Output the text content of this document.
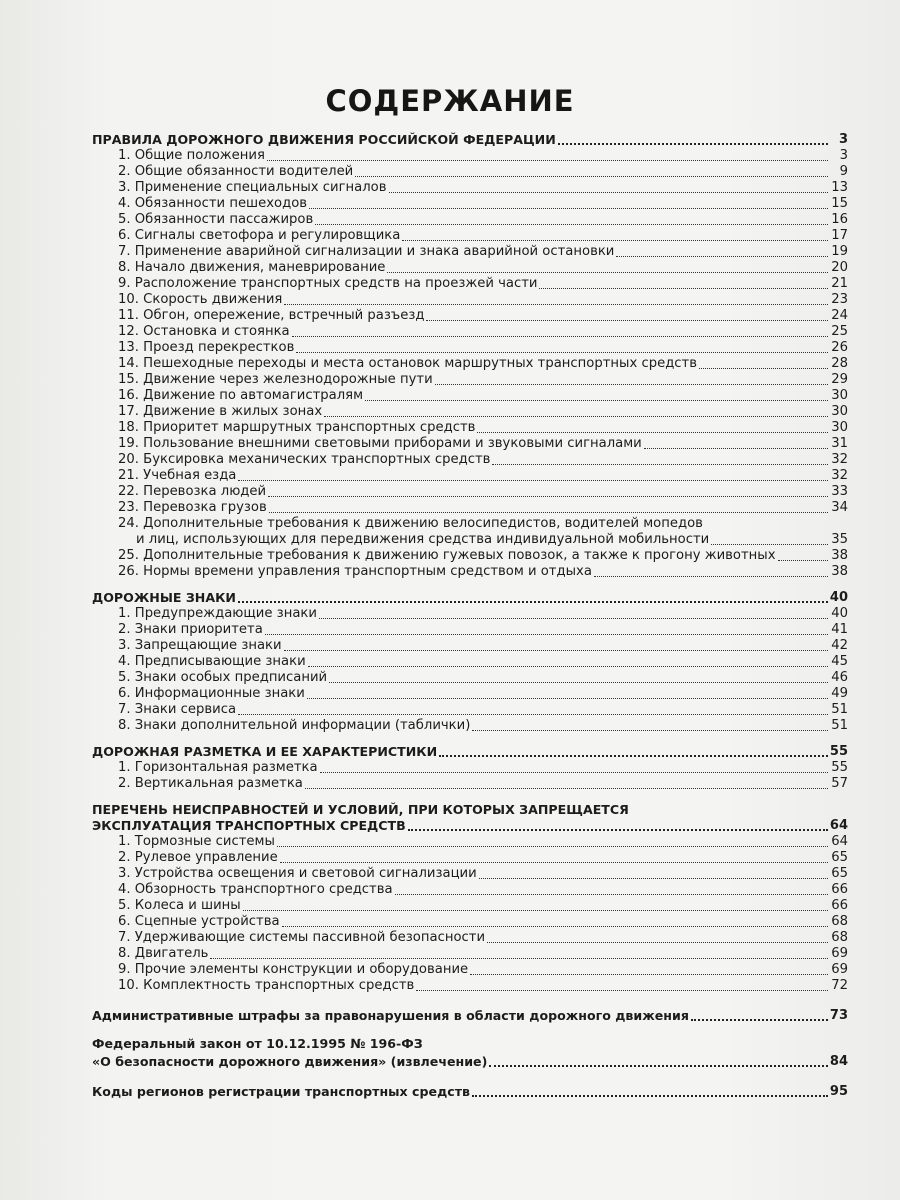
СОДЕРЖАНИЕ
ПРАВИЛА ДОРОЖНОГО ДВИЖЕНИЯ РОССИЙСКОЙ ФЕДЕРАЦИИ	3
1. Общие положения	3
2. Общие обязанности водителей	9
3. Применение специальных сигналов	13
4. Обязанности пешеходов	15
5. Обязанности пассажиров	16
6. Сигналы светофора и регулировщика	17
7. Применение аварийной сигнализации и знака аварийной остановки	19
8. Начало движения, маневрирование	20
9. Расположение транспортных средств на проезжей части	21
10. Скорость движения	23
11. Обгон, опережение, встречный разъезд	24
12. Остановка и стоянка	25
13. Проезд перекрестков	26
14. Пешеходные переходы и места остановок маршрутных транспортных средств	28
15. Движение через железнодорожные пути	29
16. Движение по автомагистралям	30
17. Движение в жилых зонах	30
18. Приоритет маршрутных транспортных средств	30
19. Пользование внешними световыми приборами и звуковыми сигналами	31
20. Буксировка механических транспортных средств	32
21. Учебная езда	32
22. Перевозка людей	33
23. Перевозка грузов	34
24. Дополнительные требования к движению велосипедистов, водителей мопедов
и лиц, использующих для передвижения средства индивидуальной мобильности	35
25. Дополнительные требования к движению гужевых повозок, а также к прогону животных	38
26. Нормы времени управления транспортным средством и отдыха	38
ДОРОЖНЫЕ ЗНАКИ	40
1. Предупреждающие знаки	40
2. Знаки приоритета	41
3. Запрещающие знаки	42
4. Предписывающие знаки	45
5. Знаки особых предписаний	46
6. Информационные знаки	49
7. Знаки сервиса	51
8. Знаки дополнительной информации (таблички)	51
ДОРОЖНАЯ РАЗМЕТКА И ЕЕ ХАРАКТЕРИСТИКИ	55
1. Горизонтальная разметка	55
2. Вертикальная разметка	57
ПЕРЕЧЕНЬ НЕИСПРАВНОСТЕЙ И УСЛОВИЙ, ПРИ КОТОРЫХ ЗАПРЕЩАЕТСЯ
ЭКСПЛУАТАЦИЯ ТРАНСПОРТНЫХ СРЕДСТВ	64
1. Тормозные системы	64
2. Рулевое управление	65
3. Устройства освещения и световой сигнализации	65
4. Обзорность транспортного средства	66
5. Колеса и шины	66
6. Сцепные устройства	68
7. Удерживающие системы пассивной безопасности	68
8. Двигатель	69
9. Прочие элементы конструкции и оборудование	69
10. Комплектность транспортных средств	72
Административные штрафы за правонарушения в области дорожного движения	73
Федеральный закон от 10.12.1995 № 196-ФЗ
«О безопасности дорожного движения» (извлечение)	84
Коды регионов регистрации транспортных средств	95
